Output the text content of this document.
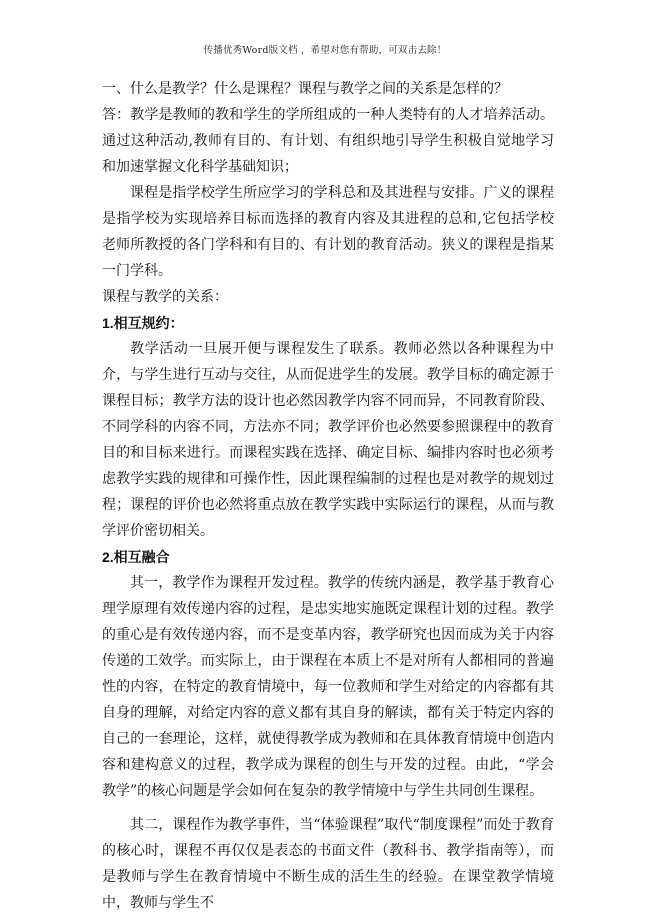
传播优秀Word版文档 ，希望对您有帮助，可双击去除！

一、什么是教学？什么是课程？课程与教学之间的关系是怎样的？

答：教学是教师的教和学生的学所组成的一种人类特有的人才培养活动。通过这种活动,教师有目的、有计划、有组织地引导学生积极自觉地学习和加速掌握文化科学基础知识；

课程是指学校学生所应学习的学科总和及其进程与安排。广义的课程是指学校为实现培养目标而选择的教育内容及其进程的总和,它包括学校老师所教授的各门学科和有目的、有计划的教育活动。狭义的课程是指某一门学科。

课程与教学的关系：

1.相互规约：

教学活动一旦展开便与课程发生了联系。教师必然以各种课程为中介，与学生进行互动与交往，从而促进学生的发展。教学目标的确定源于课程目标；教学方法的设计也必然因教学内容不同而异，不同教育阶段、不同学科的内容不同，方法亦不同；教学评价也必然要参照课程中的教育目的和目标来进行。而课程实践在选择、确定目标、编排内容时也必须考虑教学实践的规律和可操作性，因此课程编制的过程也是对教学的规划过程；课程的评价也必然将重点放在教学实践中实际运行的课程，从而与教学评价密切相关。

2.相互融合

其一，教学作为课程开发过程。教学的传统内涵是，教学基于教育心理学原理有效传递内容的过程，是忠实地实施既定课程计划的过程。教学的重心是有效传递内容，而不是变革内容，教学研究也因而成为关于内容传递的工效学。而实际上，由于课程在本质上不是对所有人都相同的普遍性的内容，在特定的教育情境中，每一位教师和学生对给定的内容都有其自身的理解，对给定内容的意义都有其自身的解读，都有关于特定内容的自己的一套理论，这样，就使得教学成为教师和在具体教育情境中创造内容和建构意义的过程，教学成为课程的创生与开发的过程。由此，“学会教学”的核心问题是学会如何在复杂的教学情境中与学生共同创生课程。

其二，课程作为教学事件，当“体验课程”取代“制度课程”而处于教育的核心时，课程不再仅仅是表态的书面文件（教科书、教学指南等），而是教师与学生在教育情境中不断生成的活生生的经验。在课堂教学情境中，教师与学生不
